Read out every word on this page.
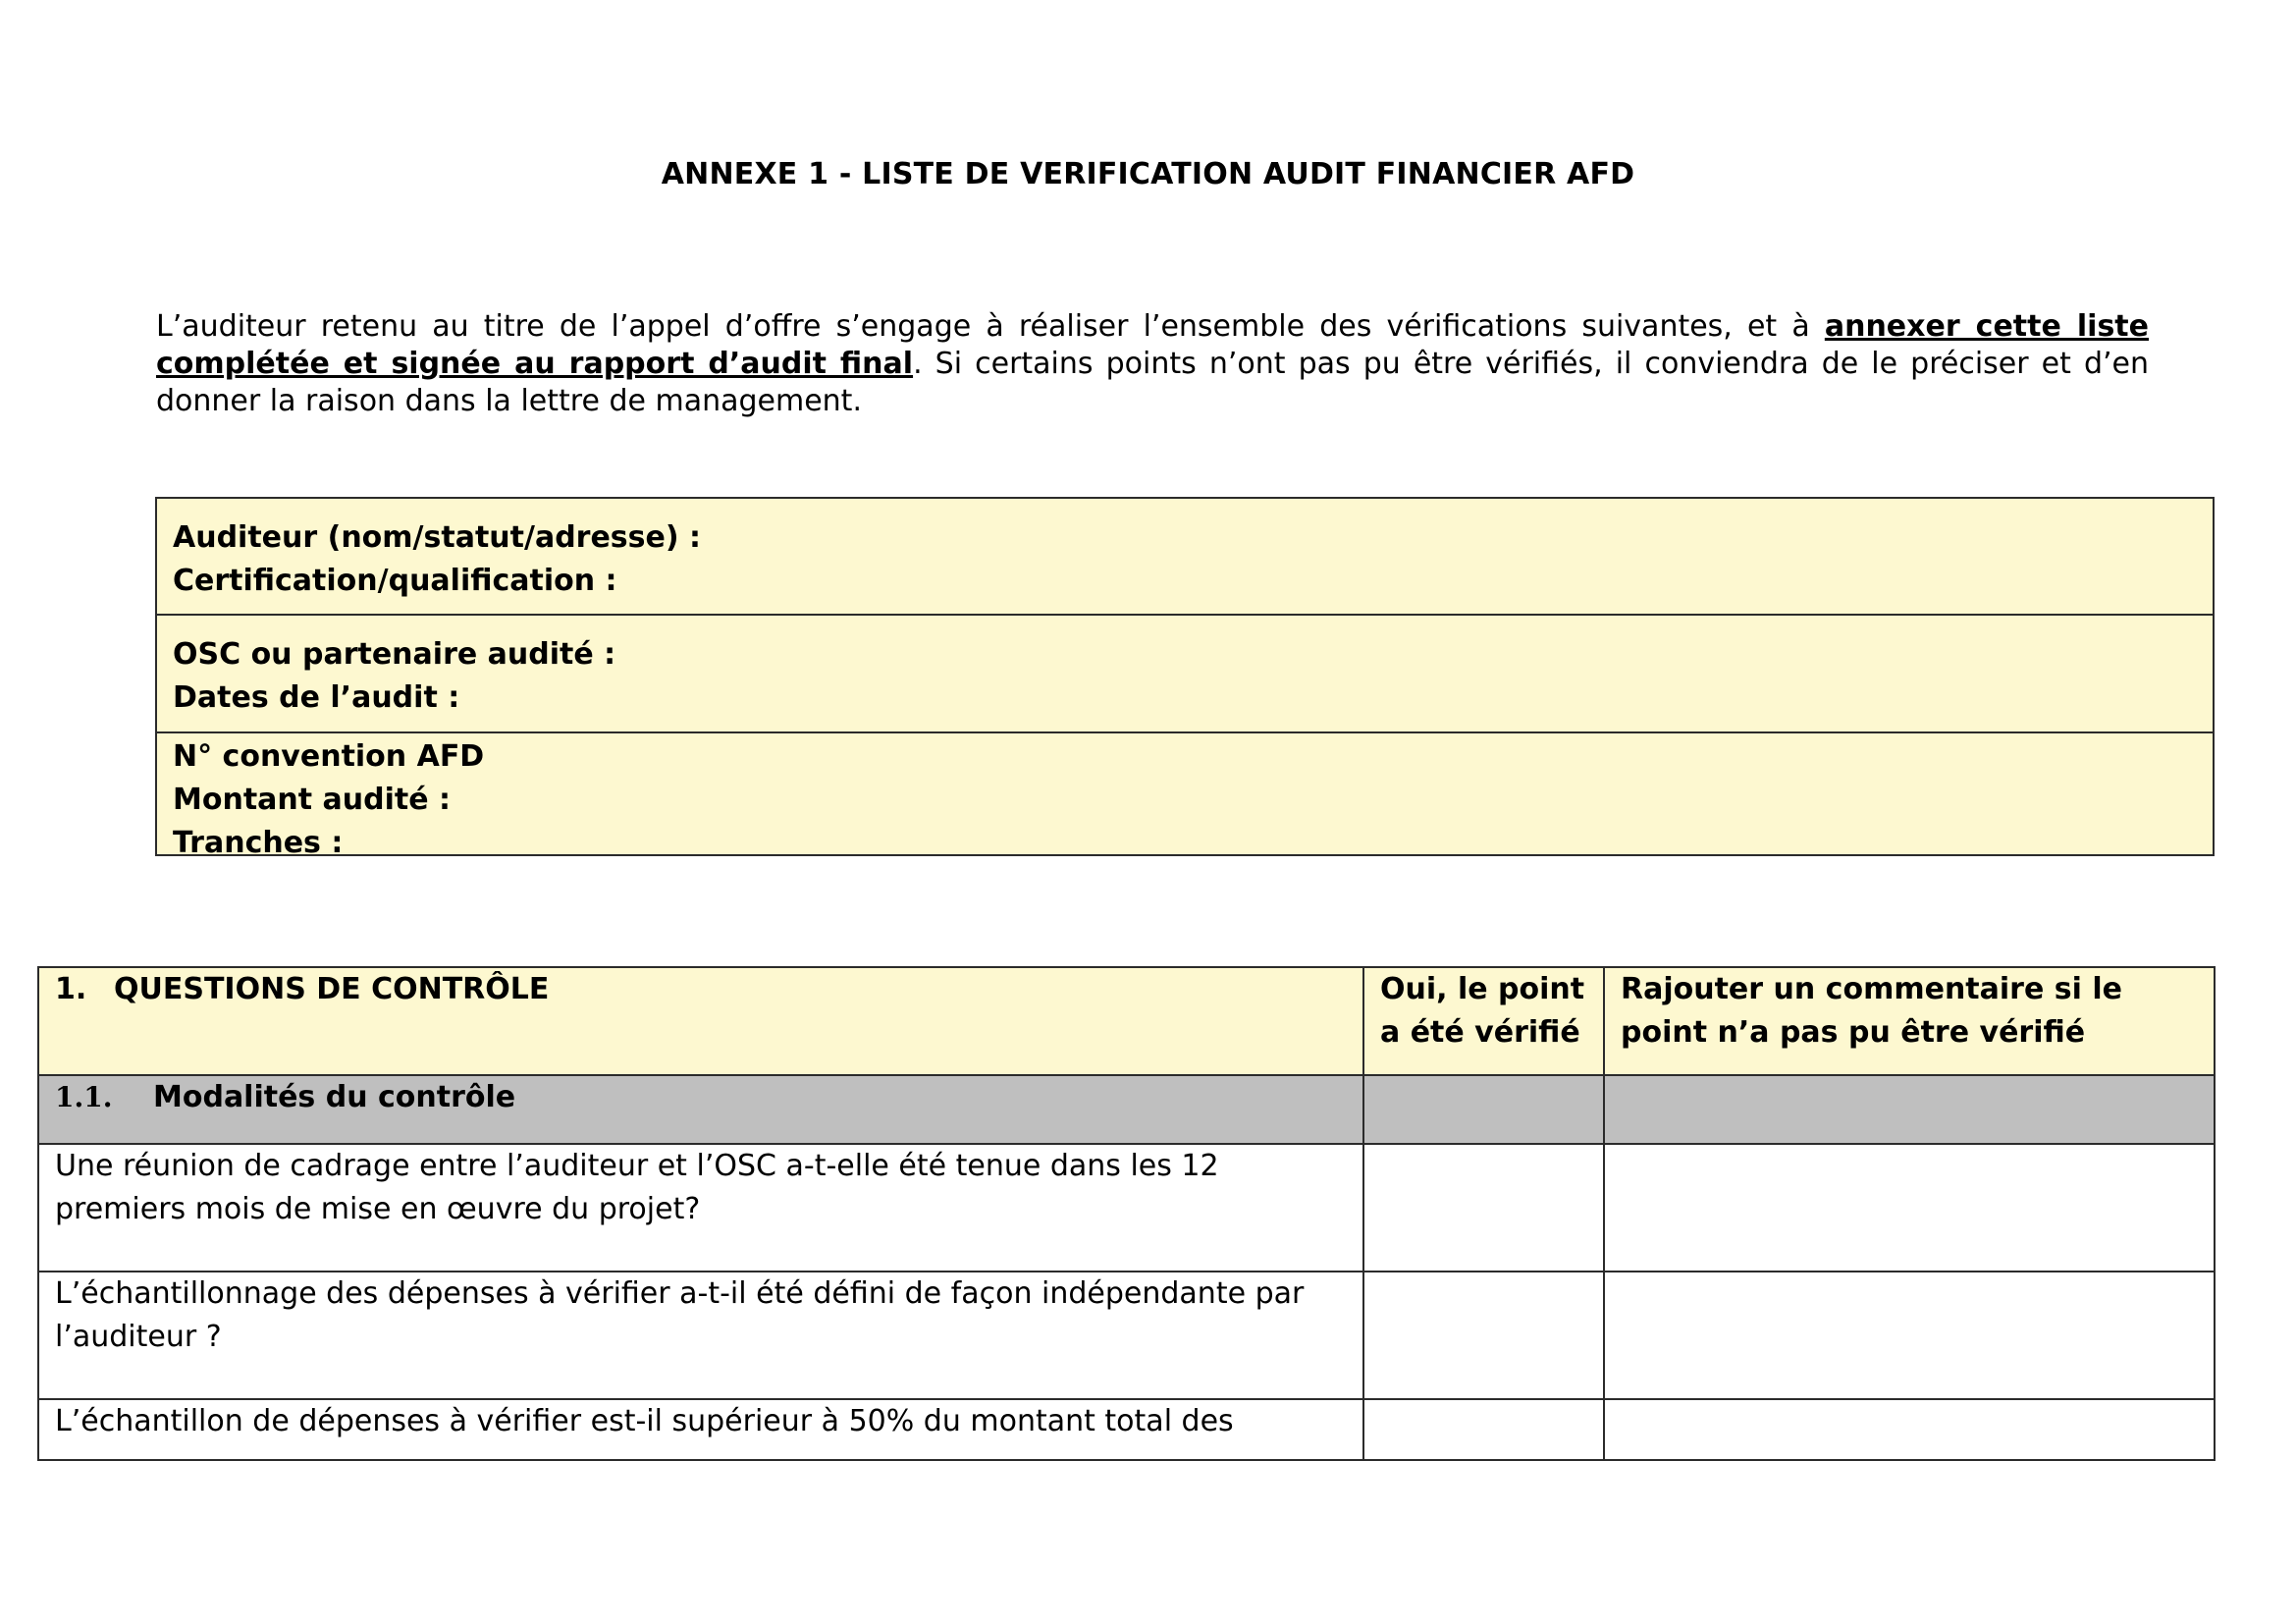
ANNEXE 1 - LISTE DE VERIFICATION AUDIT FINANCIER AFD
L’auditeur retenu au titre de l’appel d’offre s’engage à réaliser l’ensemble des vérifications suivantes, et à annexer cette liste complétée et signée au rapport d’audit final. Si certains points n’ont pas pu être vérifiés, il conviendra de le préciser et d’en donner la raison dans la lettre de management.
Auditeur (nom/statut/adresse) :
Certification/qualification :
OSC ou partenaire audité :
Dates de l’audit :
N° convention AFD
Montant audité :
Tranches :
1. QUESTIONS DE CONTRÔLE	Oui, le point a été vérifié	Rajouter un commentaire si le point n’a pas pu être vérifié
1.1. Modalités du contrôle		
Une réunion de cadrage entre l’auditeur et l’OSC a-t-elle été tenue dans les 12 premiers mois de mise en œuvre du projet?		
L’échantillonnage des dépenses à vérifier a-t-il été défini de façon indépendante par l’auditeur ?		
L’échantillon de dépenses à vérifier est-il supérieur à 50% du montant total des		
